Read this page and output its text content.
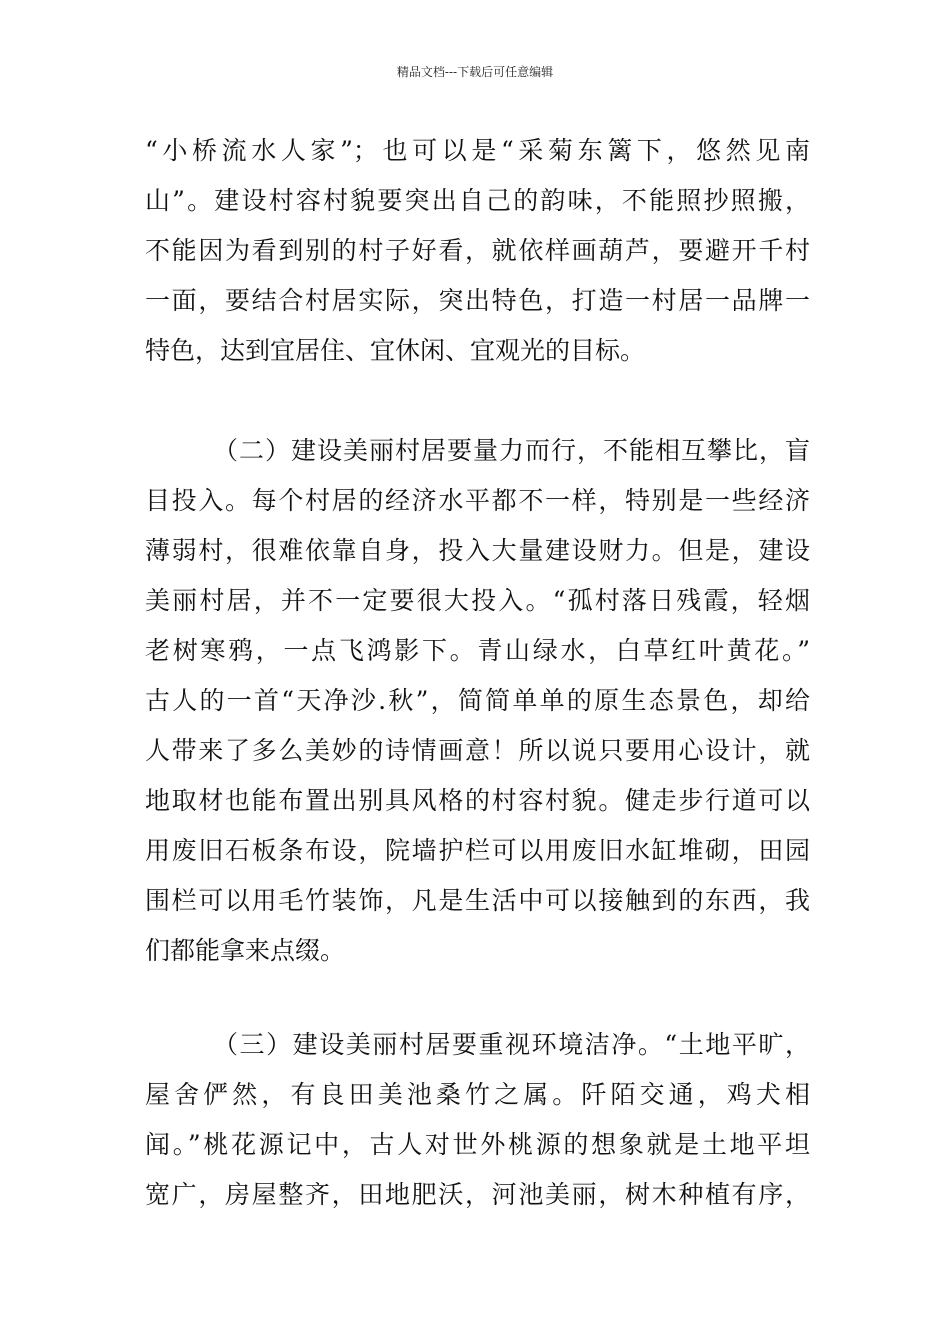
精品文档---下载后可任意编辑
“小桥流水人家”；也可以是“采菊东篱下，悠然见南
山”。建设村容村貌要突出自己的韵味，不能照抄照搬，
不能因为看到别的村子好看，就依样画葫芦，要避开千村
一面，要结合村居实际，突出特色，打造一村居一品牌一
特色，达到宜居住、宜休闲、宜观光的目标。
（二）建设美丽村居要量力而行，不能相互攀比，盲
目投入。每个村居的经济水平都不一样，特别是一些经济
薄弱村，很难依靠自身，投入大量建设财力。但是，建设
美丽村居，并不一定要很大投入。“孤村落日残霞，轻烟
老树寒鸦，一点飞鸿影下。青山绿水，白草红叶黄花。”
古人的一首“天净沙.秋”，简简单单的原生态景色，却给
人带来了多么美妙的诗情画意！所以说只要用心设计，就
地取材也能布置出别具风格的村容村貌。健走步行道可以
用废旧石板条布设，院墙护栏可以用废旧水缸堆砌，田园
围栏可以用毛竹装饰，凡是生活中可以接触到的东西，我
们都能拿来点缀。
（三）建设美丽村居要重视环境洁净。“土地平旷，
屋舍俨然，有良田美池桑竹之属。阡陌交通，鸡犬相
闻。”桃花源记中，古人对世外桃源的想象就是土地平坦
宽广，房屋整齐，田地肥沃，河池美丽，树木种植有序，
